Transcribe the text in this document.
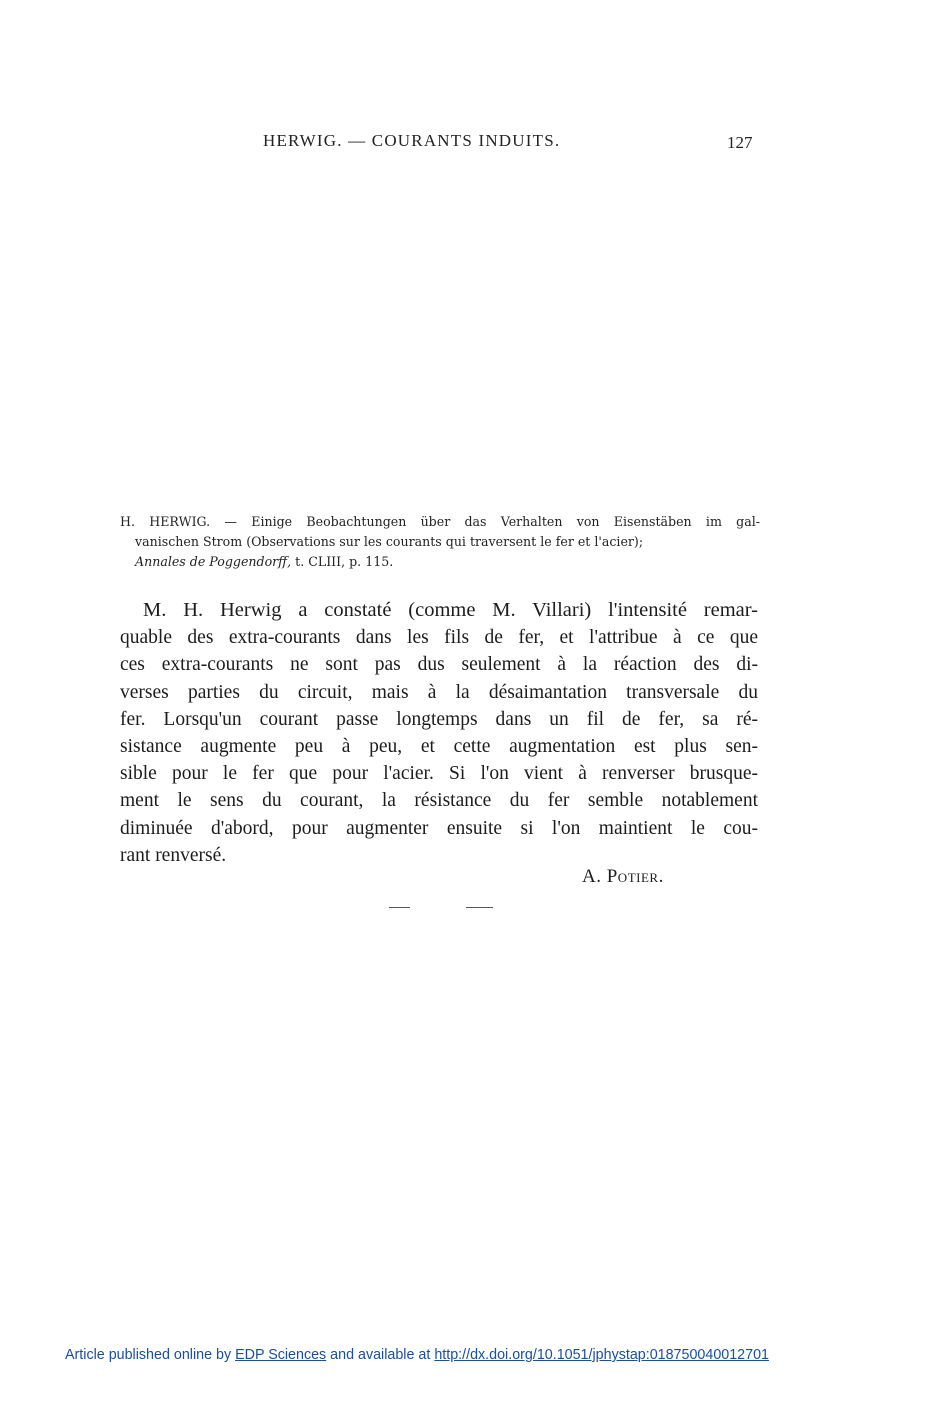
HERWIG. — COURANTS INDUITS.	127
H. HERWIG. — Einige Beobachtungen über das Verhalten von Eisenstäben im gal-
vanischen Strom (Observations sur les courants qui traversent le fer et l'acier);
Annales de Poggendorff, t. CLIII, p. 115.
M. H. Herwig a constaté (comme M. Villari) l'intensité remar-
quable des extra-courants dans les fils de fer, et l'attribue à ce que
ces extra-courants ne sont pas dus seulement à la réaction des di-
verses parties du circuit, mais à la désaimantation transversale du
fer. Lorsqu'un courant passe longtemps dans un fil de fer, sa ré-
sistance augmente peu à peu, et cette augmentation est plus sen-
sible pour le fer que pour l'acier. Si l'on vient à renverser brusque-
ment le sens du courant, la résistance du fer semble notablement
diminuée d'abord, pour augmenter ensuite si l'on maintient le cou-
rant renversé.
A. Potier.
Article published online by EDP Sciences and available at http://dx.doi.org/10.1051/jphystap:018750040012701
